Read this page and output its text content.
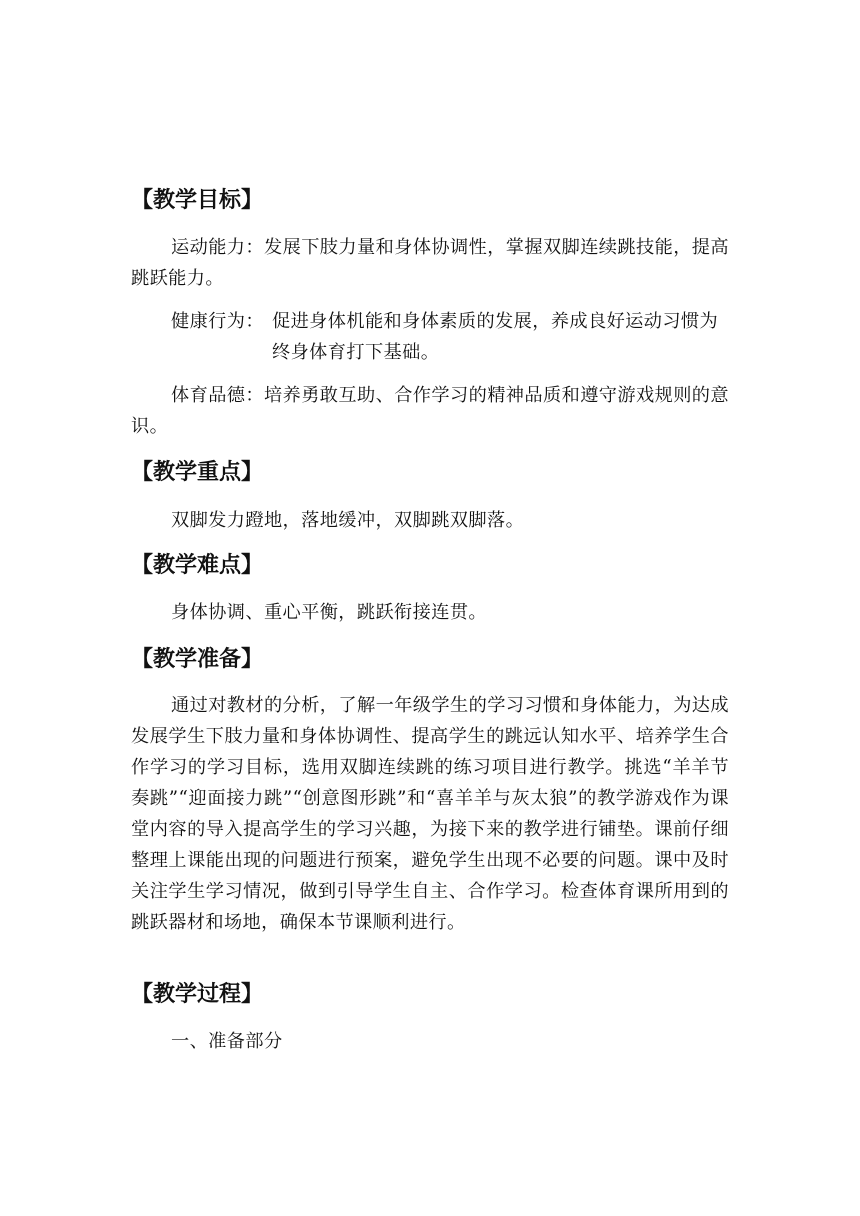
【教学目标】

运动能力：发展下肢力量和身体协调性，掌握双脚连续跳技能，提高跳跃能力。

健康行为： 促进身体机能和身体素质的发展，养成良好运动习惯为终身体育打下基础。

体育品德：培养勇敢互助、合作学习的精神品质和遵守游戏规则的意识。

【教学重点】

双脚发力蹬地，落地缓冲，双脚跳双脚落。

【教学难点】

身体协调、重心平衡，跳跃衔接连贯。

【教学准备】

通过对教材的分析，了解一年级学生的学习习惯和身体能力，为达成发展学生下肢力量和身体协调性、提高学生的跳远认知水平、培养学生合作学习的学习目标，选用双脚连续跳的练习项目进行教学。挑选“羊羊节奏跳”“迎面接力跳”“创意图形跳”和“喜羊羊与灰太狼”的教学游戏作为课堂内容的导入提高学生的学习兴趣，为接下来的教学进行铺垫。课前仔细整理上课能出现的问题进行预案，避免学生出现不必要的问题。课中及时关注学生学习情况，做到引导学生自主、合作学习。检查体育课所用到的跳跃器材和场地，确保本节课顺利进行。

【教学过程】

一、准备部分
